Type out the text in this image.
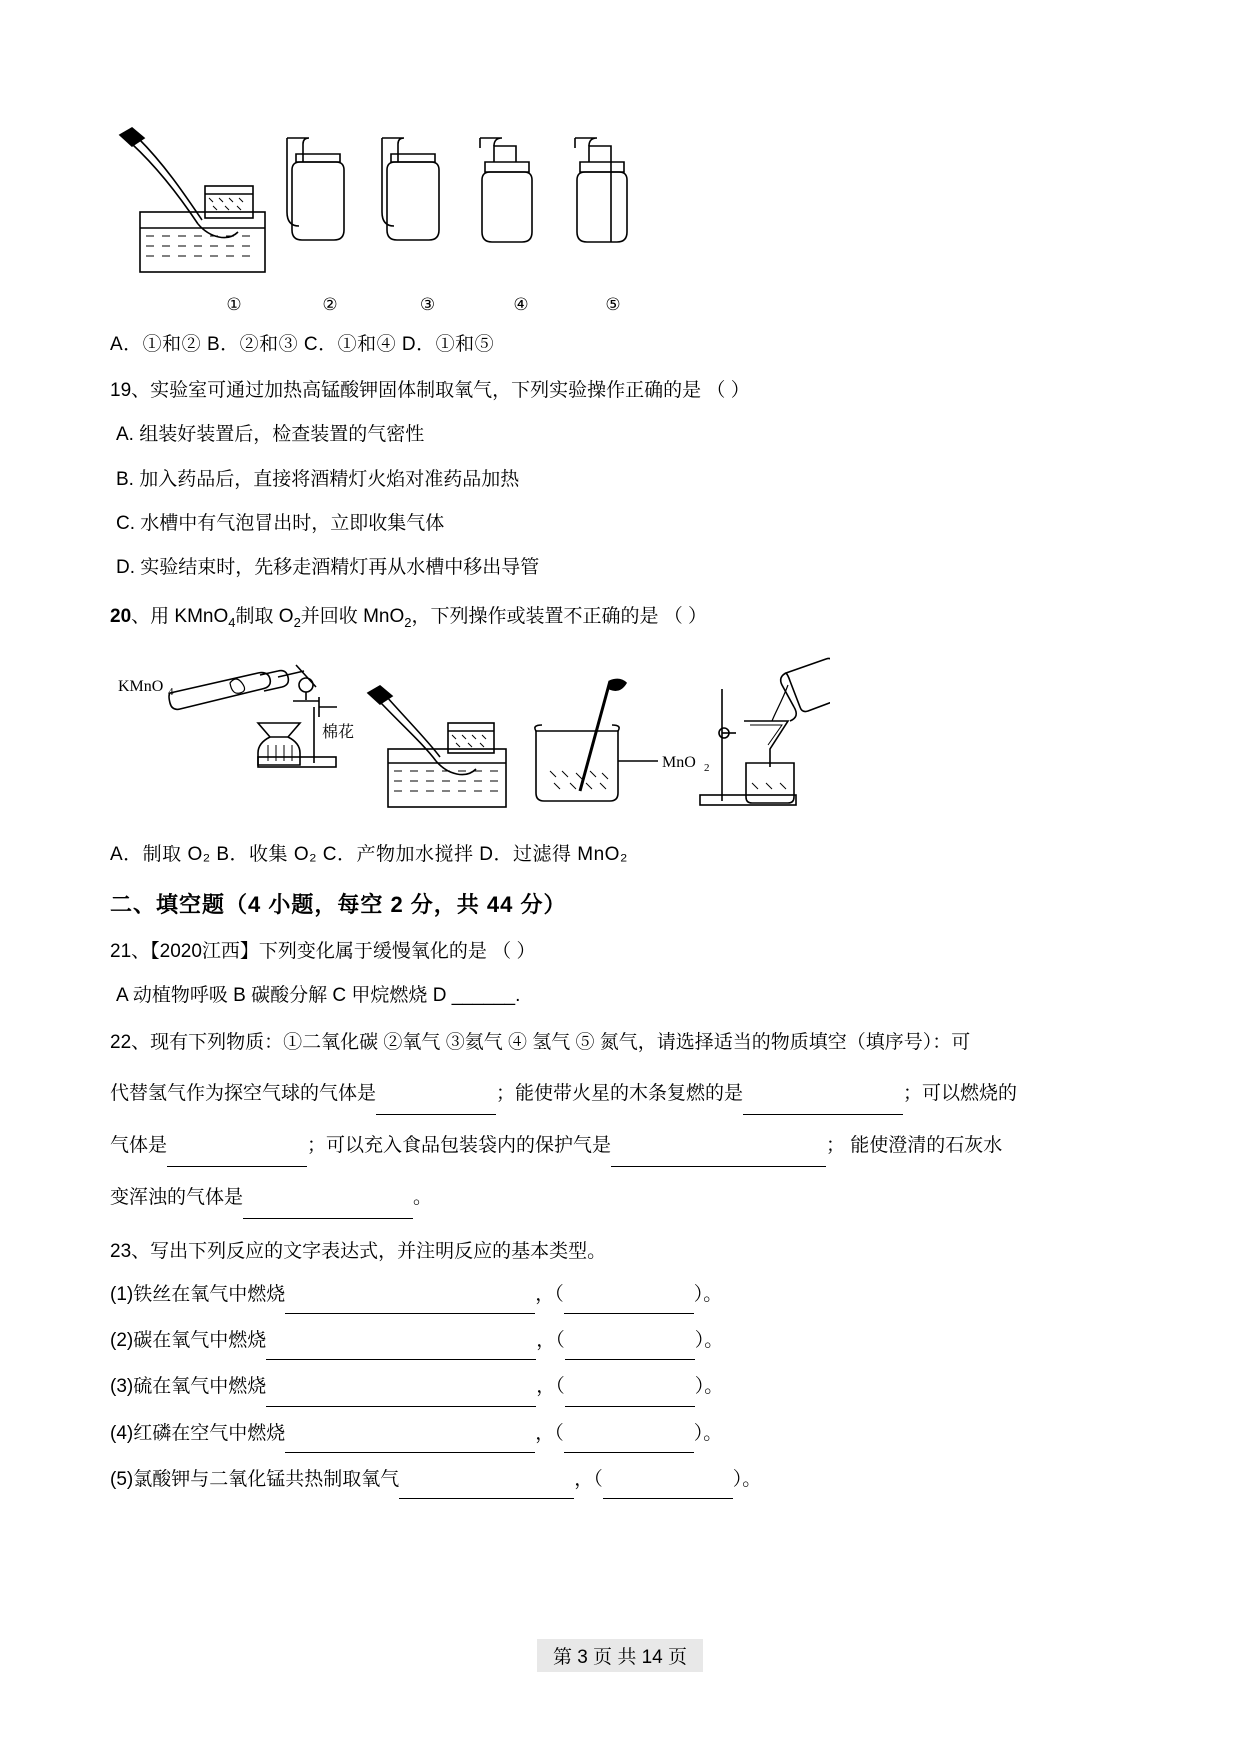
①	②	③	④	⑤
A．①和② B．②和③ C．①和④ D．①和⑤
19、实验室可通过加热高锰酸钾固体制取氧气，下列实验操作正确的是 （ ）
A. 组装好装置后，检查装置的气密性
B. 加入药品后，直接将酒精灯火焰对准药品加热
C. 水槽中有气泡冒出时，立即收集气体
D. 实验结束时，先移走酒精灯再从水槽中移出导管
20、用 KMnO$_4$制取 $O_2$并回收 MnO$_2$，下列操作或装置不正确的是 （ ）
KMnO 4
棉花
MnO 2
A．制取 O₂ B．收集 O₂ C．产物加水搅拌 D．过滤得 MnO₂
二、填空题（4 小题，每空 2 分，共 44 分）
21、【2020江西】下列变化属于缓慢氧化的是 （ ）
A 动植物呼吸 B 碳酸分解 C 甲烷燃烧 D ______.
22、现有下列物质：①二氧化碳 ②氧气 ③氦气 ④ 氢气 ⑤ 氮气，请选择适当的物质填空（填序号）：可
代替氢气作为探空气球的气体是	；能使带火星的木条复燃的是	；可以燃烧的
气体是	；可以充入食品包装袋内的保护气是	； 能使澄清的石灰水
变浑浊的气体是	。
23、写出下列反应的文字表达式，并注明反应的基本类型。
(1)铁丝在氧气中燃烧	，（	）。
(2)碳在氧气中燃烧	，（	）。
(3)硫在氧气中燃烧	，（	）。
(4)红磷在空气中燃烧	，（	）。
(5)氯酸钾与二氧化锰共热制取氧气	，（	）。
第 3 页 共 14 页
